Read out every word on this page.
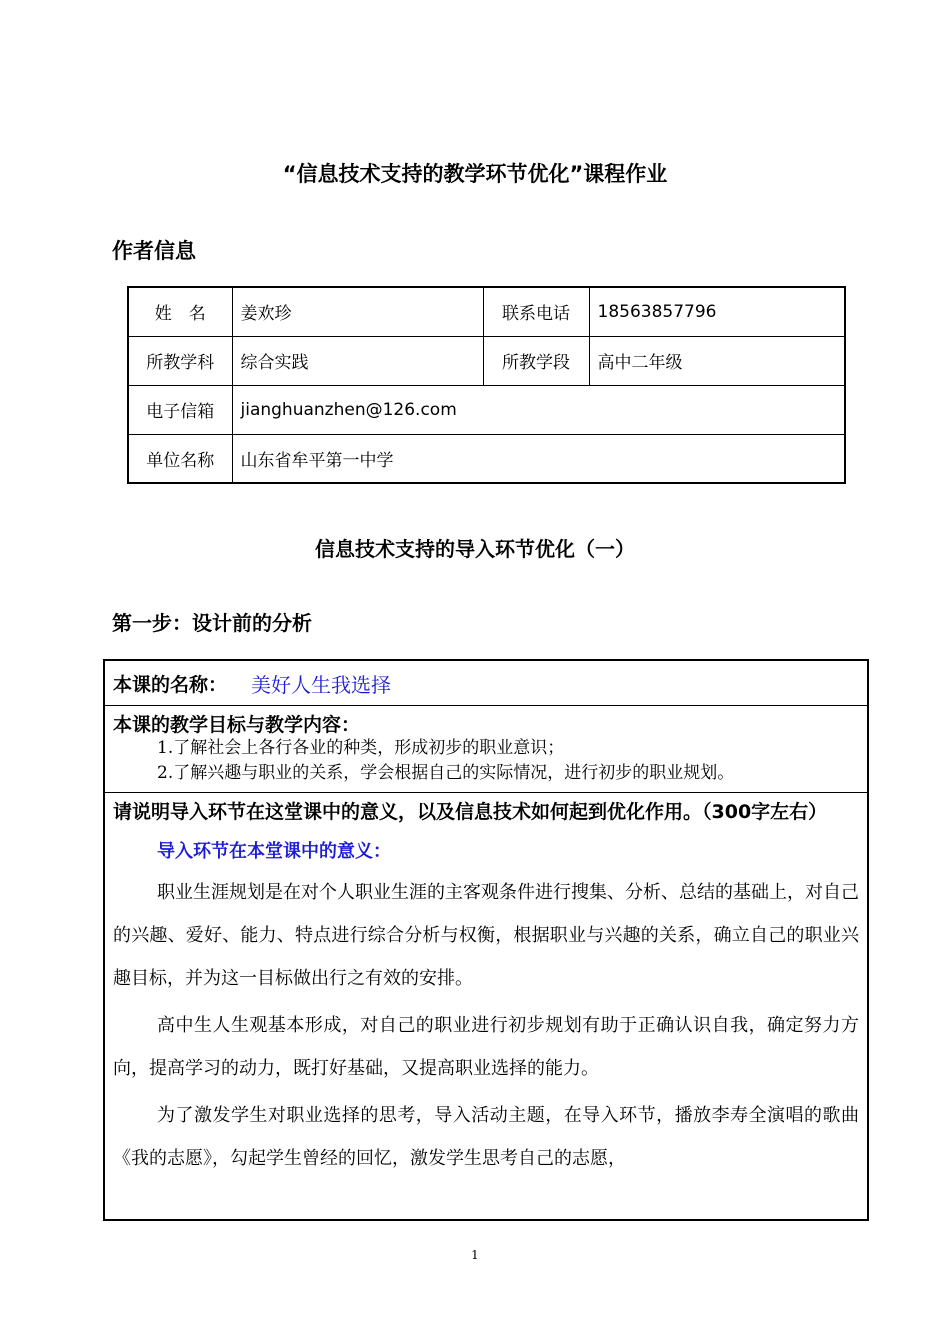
“信息技术支持的教学环节优化”课程作业
作者信息
姓　名	姜欢珍	联系电话	18563857796
所教学科	综合实践	所教学段	高中二年级
电子信箱	jianghuanzhen@126.com		
单位名称	山东省牟平第一中学		
信息技术支持的导入环节优化（一）
第一步：设计前的分析
本课的名称： 美好人生我选择
本课的教学目标与教学内容：
1.了解社会上各行各业的种类，形成初步的职业意识；
2.了解兴趣与职业的关系，学会根据自己的实际情况，进行初步的职业规划。
请说明导入环节在这堂课中的意义，以及信息技术如何起到优化作用。（300字左右）
导入环节在本堂课中的意义：
职业生涯规划是在对个人职业生涯的主客观条件进行搜集、分析、总结的基础上，对自己的兴趣、爱好、能力、特点进行综合分析与权衡，根据职业与兴趣的关系，确立自己的职业兴趣目标，并为这一目标做出行之有效的安排。
高中生人生观基本形成，对自己的职业进行初步规划有助于正确认识自我，确定努力方向，提高学习的动力，既打好基础，又提高职业选择的能力。
为了激发学生对职业选择的思考，导入活动主题，在导入环节，播放李寿全演唱的歌曲《我的志愿》，勾起学生曾经的回忆，激发学生思考自己的志愿，
1
